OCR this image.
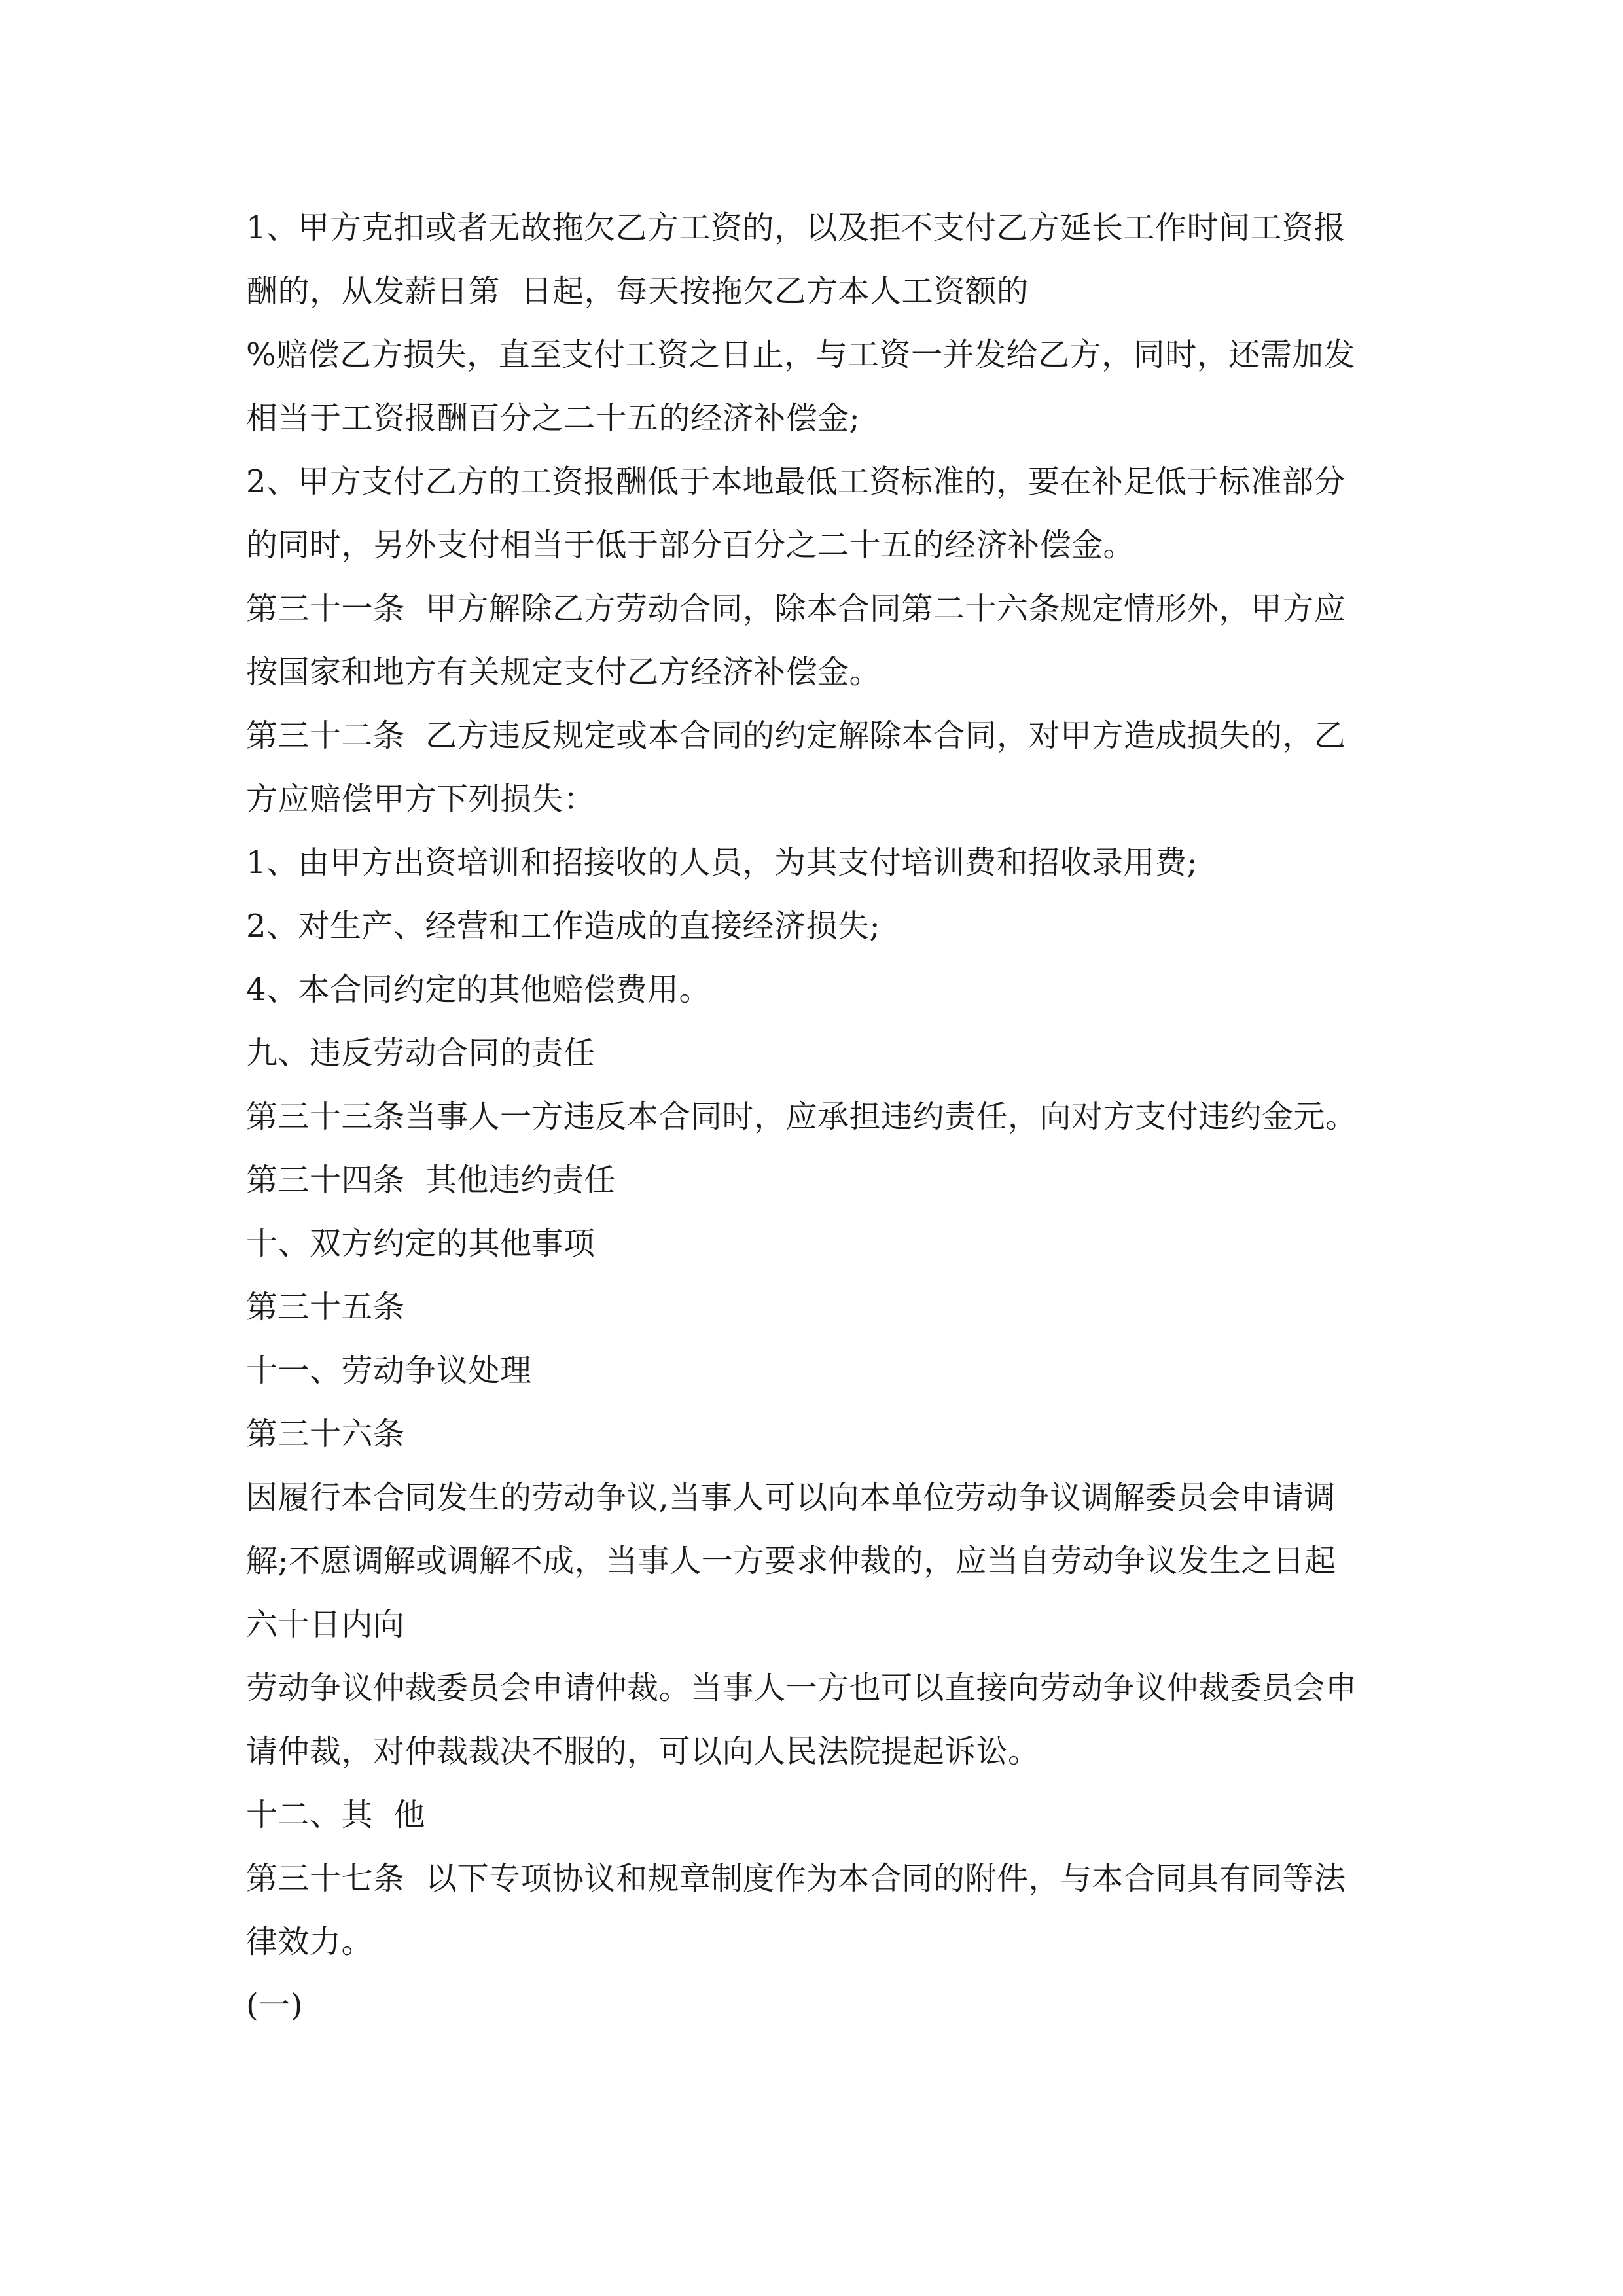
1、甲方克扣或者无故拖欠乙方工资的，以及拒不支付乙方延长工作时间工资报
酬的，从发薪日第  日起，每天按拖欠乙方本人工资额的
%赔偿乙方损失，直至支付工资之日止，与工资一并发给乙方，同时，还需加发
相当于工资报酬百分之二十五的经济补偿金;
2、甲方支付乙方的工资报酬低于本地最低工资标准的，要在补足低于标准部分
的同时，另外支付相当于低于部分百分之二十五的经济补偿金。
第三十一条  甲方解除乙方劳动合同，除本合同第二十六条规定情形外，甲方应
按国家和地方有关规定支付乙方经济补偿金。
第三十二条  乙方违反规定或本合同的约定解除本合同，对甲方造成损失的，乙
方应赔偿甲方下列损失：
1、由甲方出资培训和招接收的人员，为其支付培训费和招收录用费;
2、对生产、经营和工作造成的直接经济损失;
4、本合同约定的其他赔偿费用。
九、违反劳动合同的责任
第三十三条当事人一方违反本合同时，应承担违约责任，向对方支付违约金元。
第三十四条  其他违约责任
十、双方约定的其他事项
第三十五条
十一、劳动争议处理
第三十六条
因履行本合同发生的劳动争议,当事人可以向本单位劳动争议调解委员会申请调
解;不愿调解或调解不成，当事人一方要求仲裁的，应当自劳动争议发生之日起
六十日内向
劳动争议仲裁委员会申请仲裁。当事人一方也可以直接向劳动争议仲裁委员会申
请仲裁，对仲裁裁决不服的，可以向人民法院提起诉讼。
十二、其  他
第三十七条  以下专项协议和规章制度作为本合同的附件，与本合同具有同等法
律效力。
(一)
